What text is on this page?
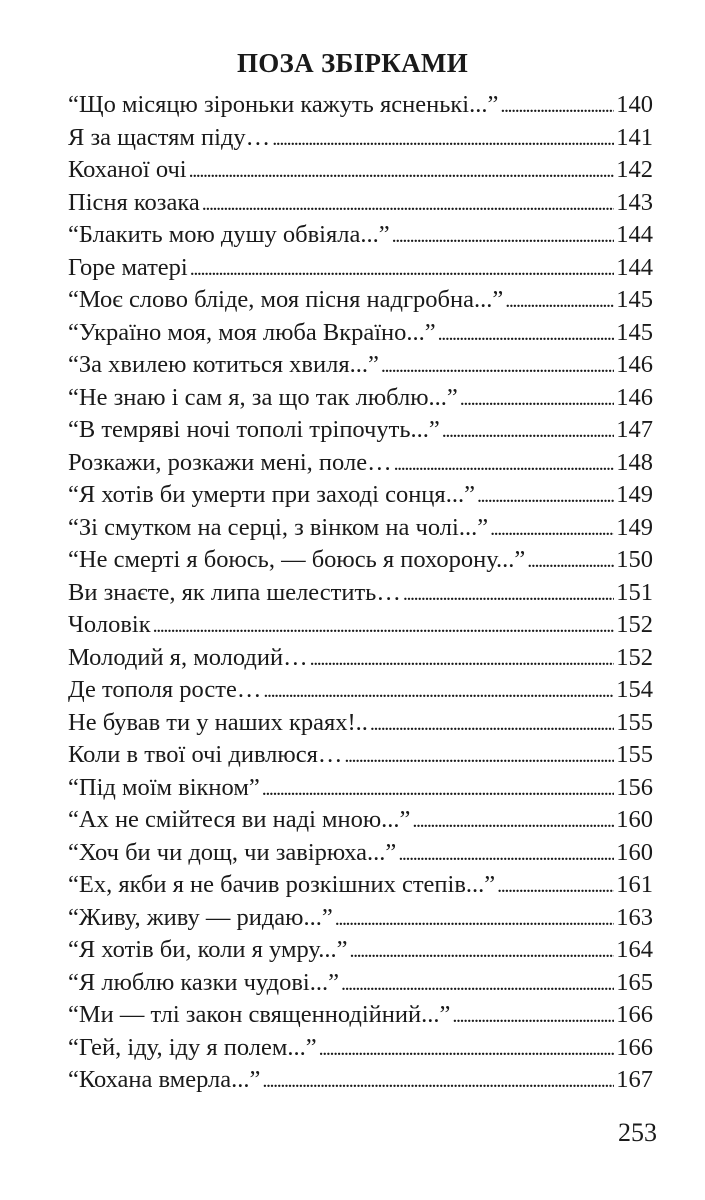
ПОЗА ЗБІРКАМИ
“Що місяцю зіроньки кажуть ясненькі...” . . .	140
Я за щастям піду… . . .	141
Коханої очі . . .	142
Пісня козака . . .	143
“Блакить мою душу обвіяла...” . . .	144
Горе матері . . .	144
“Моє слово бліде, моя пісня надгробна...” . . .	145
“Україно моя, моя люба Вкраїно...” . . .	145
“За хвилею котиться хвиля...” . . .	146
“Не знаю і сам я, за що так люблю...” . . .	146
“В темряві ночі тополі тріпочуть...” . . .	147
Розкажи, розкажи мені, поле… . . .	148
“Я хотів би умерти при заході сонця...” . . .	149
“Зі смутком на серці, з вінком на чолі...” . . .	149
“Не смерті я боюсь, — боюсь я похорону...” . . .	150
Ви знаєте, як липа шелестить… . . .	151
Чоловік . . .	152
Молодий я, молодий… . . .	152
Де тополя росте… . . .	154
Не бував ти у наших краях!.. . . .	155
Коли в твої очі дивлюся… . . .	155
“Під моїм вікном” . . .	156
“Ах не смійтеся ви наді мною...” . . .	160
“Хоч би чи дощ, чи завірюха...” . . .	160
“Ех, якби я не бачив розкішних степів...” . . .	161
“Живу, живу — ридаю...” . . .	163
“Я хотів би, коли я умру...” . . .	164
“Я люблю казки чудові...” . . .	165
“Ми — тлі закон священнодійний...” . . .	166
“Гей, іду, іду я полем...” . . .	166
“Кохана вмерла...” . . .	167
253
